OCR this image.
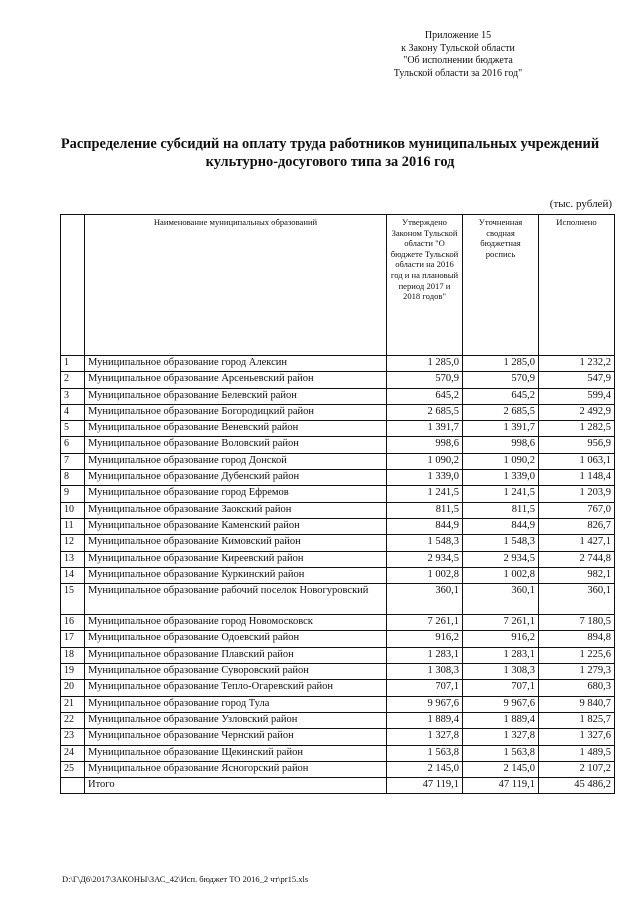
Приложение 15
к Закону Тульской области
"Об исполнении бюджета
Тульской области за 2016 год"
Распределение субсидий на оплату труда работников муниципальных учреждений
культурно-досугового типа за 2016 год
(тыс. рублей)
	Наименование муниципальных образований	Утверждено Законом Тульской области "О бюджете Тульской области на 2016 год и на плановый период 2017 и 2018 годов"	Уточненная сводная бюджетная роспись	Исполнено
1	Муниципальное образование город Алексин	1 285,0	1 285,0	1 232,2
2	Муниципальное образование Арсеньевский район	570,9	570,9	547,9
3	Муниципальное образование Белевский район	645,2	645,2	599,4
4	Муниципальное образование Богородицкий район	2 685,5	2 685,5	2 492,9
5	Муниципальное образование Веневский район	1 391,7	1 391,7	1 282,5
6	Муниципальное образование Воловский район	998,6	998,6	956,9
7	Муниципальное образование город Донской	1 090,2	1 090,2	1 063,1
8	Муниципальное образование Дубенский район	1 339,0	1 339,0	1 148,4
9	Муниципальное образование город Ефремов	1 241,5	1 241,5	1 203,9
10	Муниципальное образование Заокский район	811,5	811,5	767,0
11	Муниципальное образование Каменский район	844,9	844,9	826,7
12	Муниципальное образование Кимовский район	1 548,3	1 548,3	1 427,1
13	Муниципальное образование Киреевский район	2 934,5	2 934,5	2 744,8
14	Муниципальное образование Куркинский район	1 002,8	1 002,8	982,1
15	Муниципальное образование рабочий поселок Новогуровский	360,1	360,1	360,1
16	Муниципальное образование город Новомосковск	7 261,1	7 261,1	7 180,5
17	Муниципальное образование Одоевский район	916,2	916,2	894,8
18	Муниципальное образование Плавский район	1 283,1	1 283,1	1 225,6
19	Муниципальное образование Суворовский район	1 308,3	1 308,3	1 279,3
20	Муниципальное образование Тепло-Огаревский район	707,1	707,1	680,3
21	Муниципальное образование город Тула	9 967,6	9 967,6	9 840,7
22	Муниципальное образование Узловский район	1 889,4	1 889,4	1 825,7
23	Муниципальное образование Чернский район	1 327,8	1 327,8	1 327,6
24	Муниципальное образование Щекинский район	1 563,8	1 563,8	1 489,5
25	Муниципальное образование Ясногорский район	2 145,0	2 145,0	2 107,2
	Итого	47 119,1	47 119,1	45 486,2
D:\Г\Д6\2017\ЗАКОНЫ\ЗАС_42\Исп. бюджет ТО 2016_2 чт\pr15.xls
